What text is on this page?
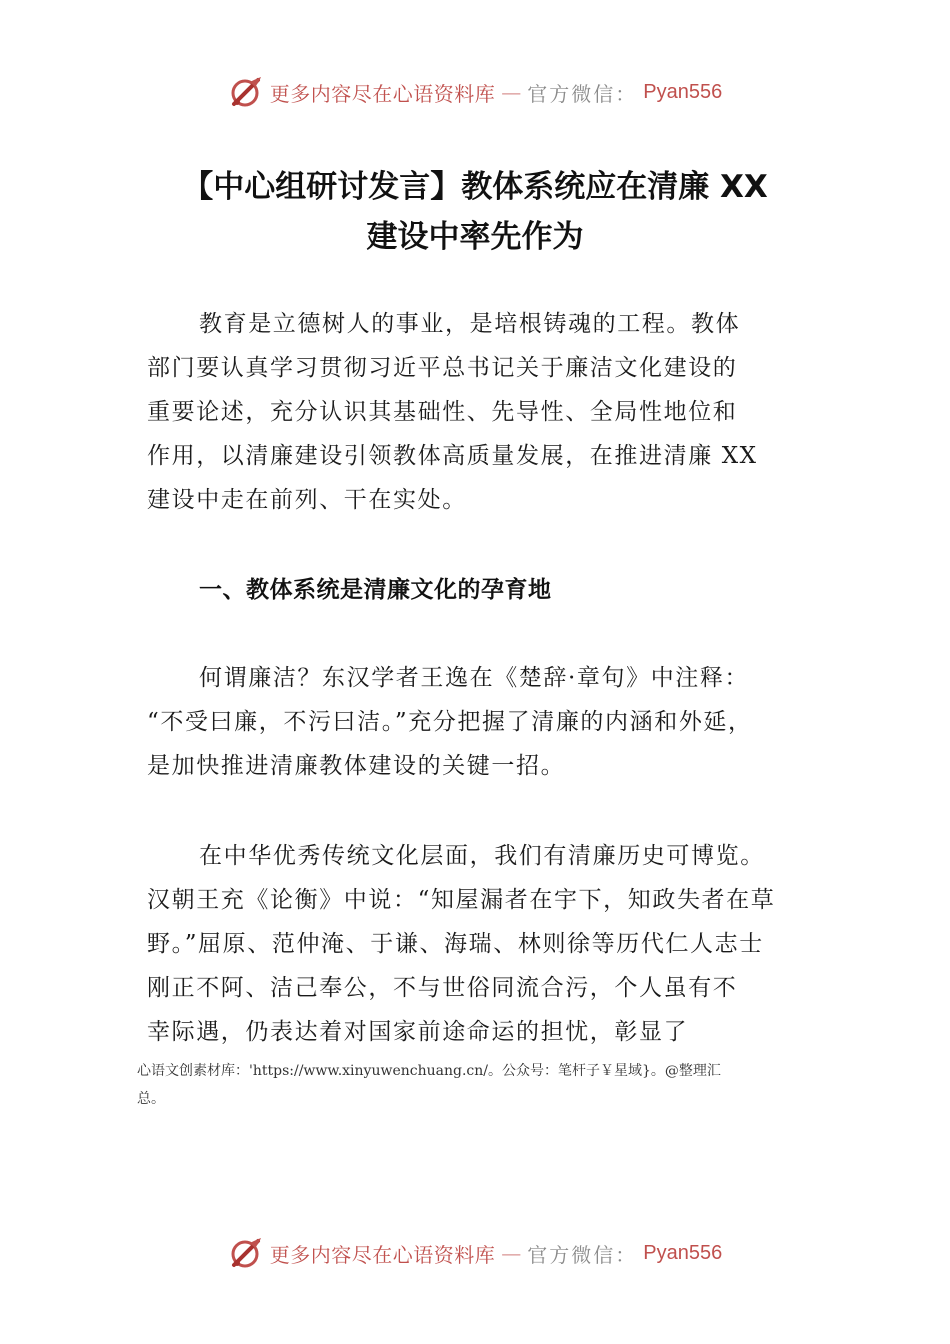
更多内容尽在心语资料库 — 官方微信： Pyan556
【中心组研讨发言】教体系统应在清廉 XX
建设中率先作为
教育是立德树人的事业，是培根铸魂的工程。教体
部门要认真学习贯彻习近平总书记关于廉洁文化建设的
重要论述，充分认识其基础性、先导性、全局性地位和
作用，以清廉建设引领教体高质量发展，在推进清廉 XX
建设中走在前列、干在实处。
一、教体系统是清廉文化的孕育地
何谓廉洁？东汉学者王逸在《楚辞·章句》中注释：
“不受曰廉，不污曰洁。”充分把握了清廉的内涵和外延，
是加快推进清廉教体建设的关键一招。
在中华优秀传统文化层面，我们有清廉历史可博览。
汉朝王充《论衡》中说：“知屋漏者在宇下，知政失者在草
野。”屈原、范仲淹、于谦、海瑞、林则徐等历代仁人志士
刚正不阿、洁己奉公，不与世俗同流合污，个人虽有不
幸际遇，仍表达着对国家前途命运的担忧，彰显了
心语文创素材库：'https://www.xinyuwenchuang.cn/。公众号：笔杆子￥星域}。@整理汇
总。
更多内容尽在心语资料库 — 官方微信： Pyan556
